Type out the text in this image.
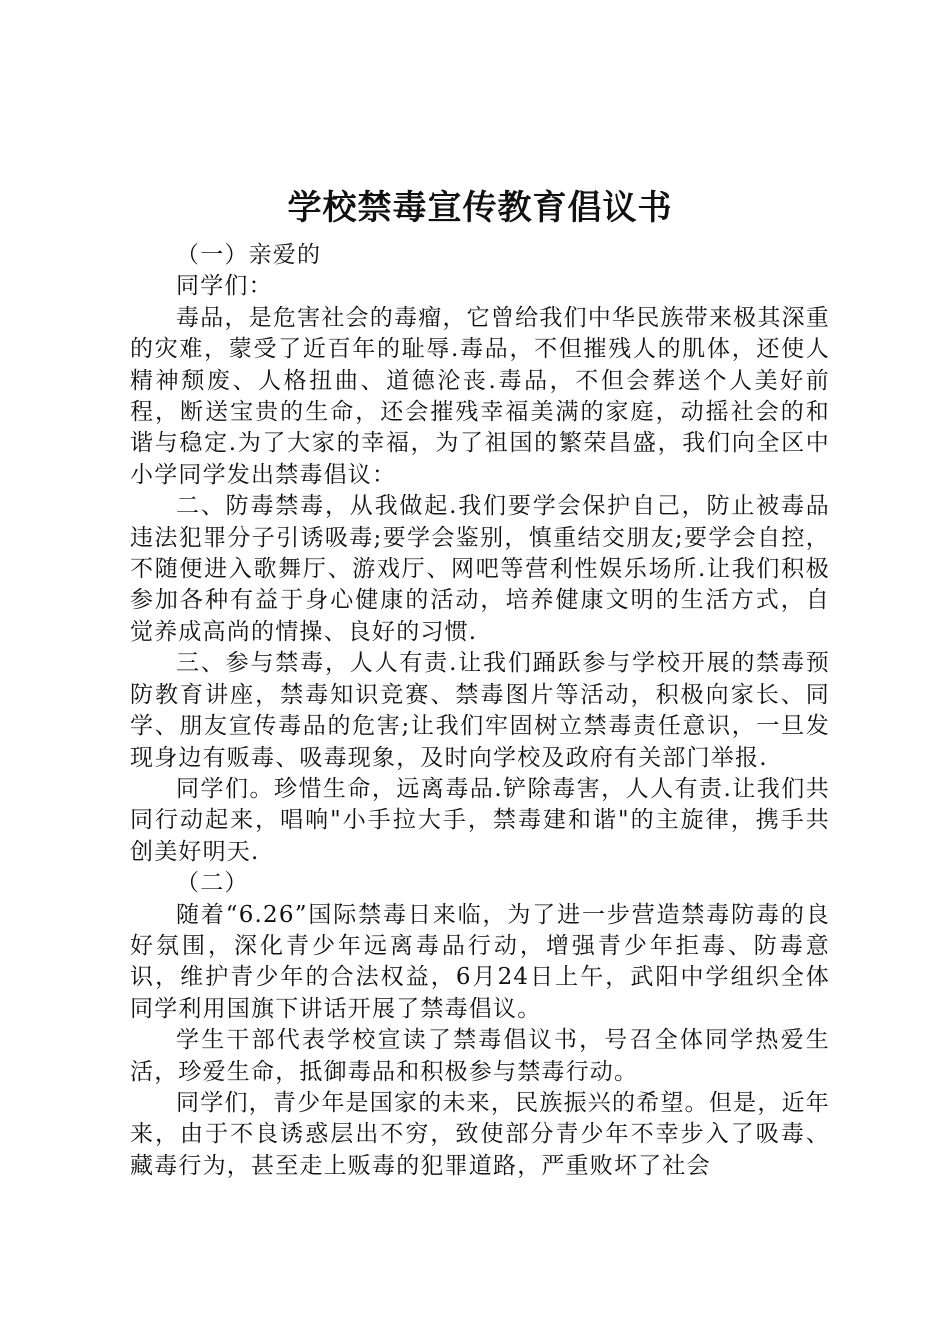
学校禁毒宣传教育倡议书

（一）亲爱的

同学们：

毒品，是危害社会的毒瘤，它曾给我们中华民族带来极其深重的灾难，蒙受了近百年的耻辱.毒品，不但摧残人的肌体，还使人精神颓废、人格扭曲、道德沦丧.毒品，不但会葬送个人美好前程，断送宝贵的生命，还会摧残幸福美满的家庭，动摇社会的和谐与稳定.为了大家的幸福，为了祖国的繁荣昌盛，我们向全区中小学同学发出禁毒倡议：

二、防毒禁毒，从我做起.我们要学会保护自己，防止被毒品违法犯罪分子引诱吸毒;要学会鉴别，慎重结交朋友;要学会自控，不随便进入歌舞厅、游戏厅、网吧等营利性娱乐场所.让我们积极参加各种有益于身心健康的活动，培养健康文明的生活方式，自觉养成高尚的情操、良好的习惯.

三、参与禁毒，人人有责.让我们踊跃参与学校开展的禁毒预防教育讲座，禁毒知识竞赛、禁毒图片等活动，积极向家长、同学、朋友宣传毒品的危害;让我们牢固树立禁毒责任意识，一旦发现身边有贩毒、吸毒现象，及时向学校及政府有关部门举报.

同学们。珍惜生命，远离毒品.铲除毒害，人人有责.让我们共同行动起来，唱响"小手拉大手，禁毒建和谐"的主旋律，携手共创美好明天.

（二）

随着“6.26”国际禁毒日来临，为了进一步营造禁毒防毒的良好氛围，深化青少年远离毒品行动，增强青少年拒毒、防毒意识，维护青少年的合法权益，6月24日上午，武阳中学组织全体同学利用国旗下讲话开展了禁毒倡议。

学生干部代表学校宣读了禁毒倡议书，号召全体同学热爱生活，珍爱生命，抵御毒品和积极参与禁毒行动。

同学们，青少年是国家的未来，民族振兴的希望。但是，近年来，由于不良诱惑层出不穷，致使部分青少年不幸步入了吸毒、藏毒行为，甚至走上贩毒的犯罪道路，严重败坏了社会
